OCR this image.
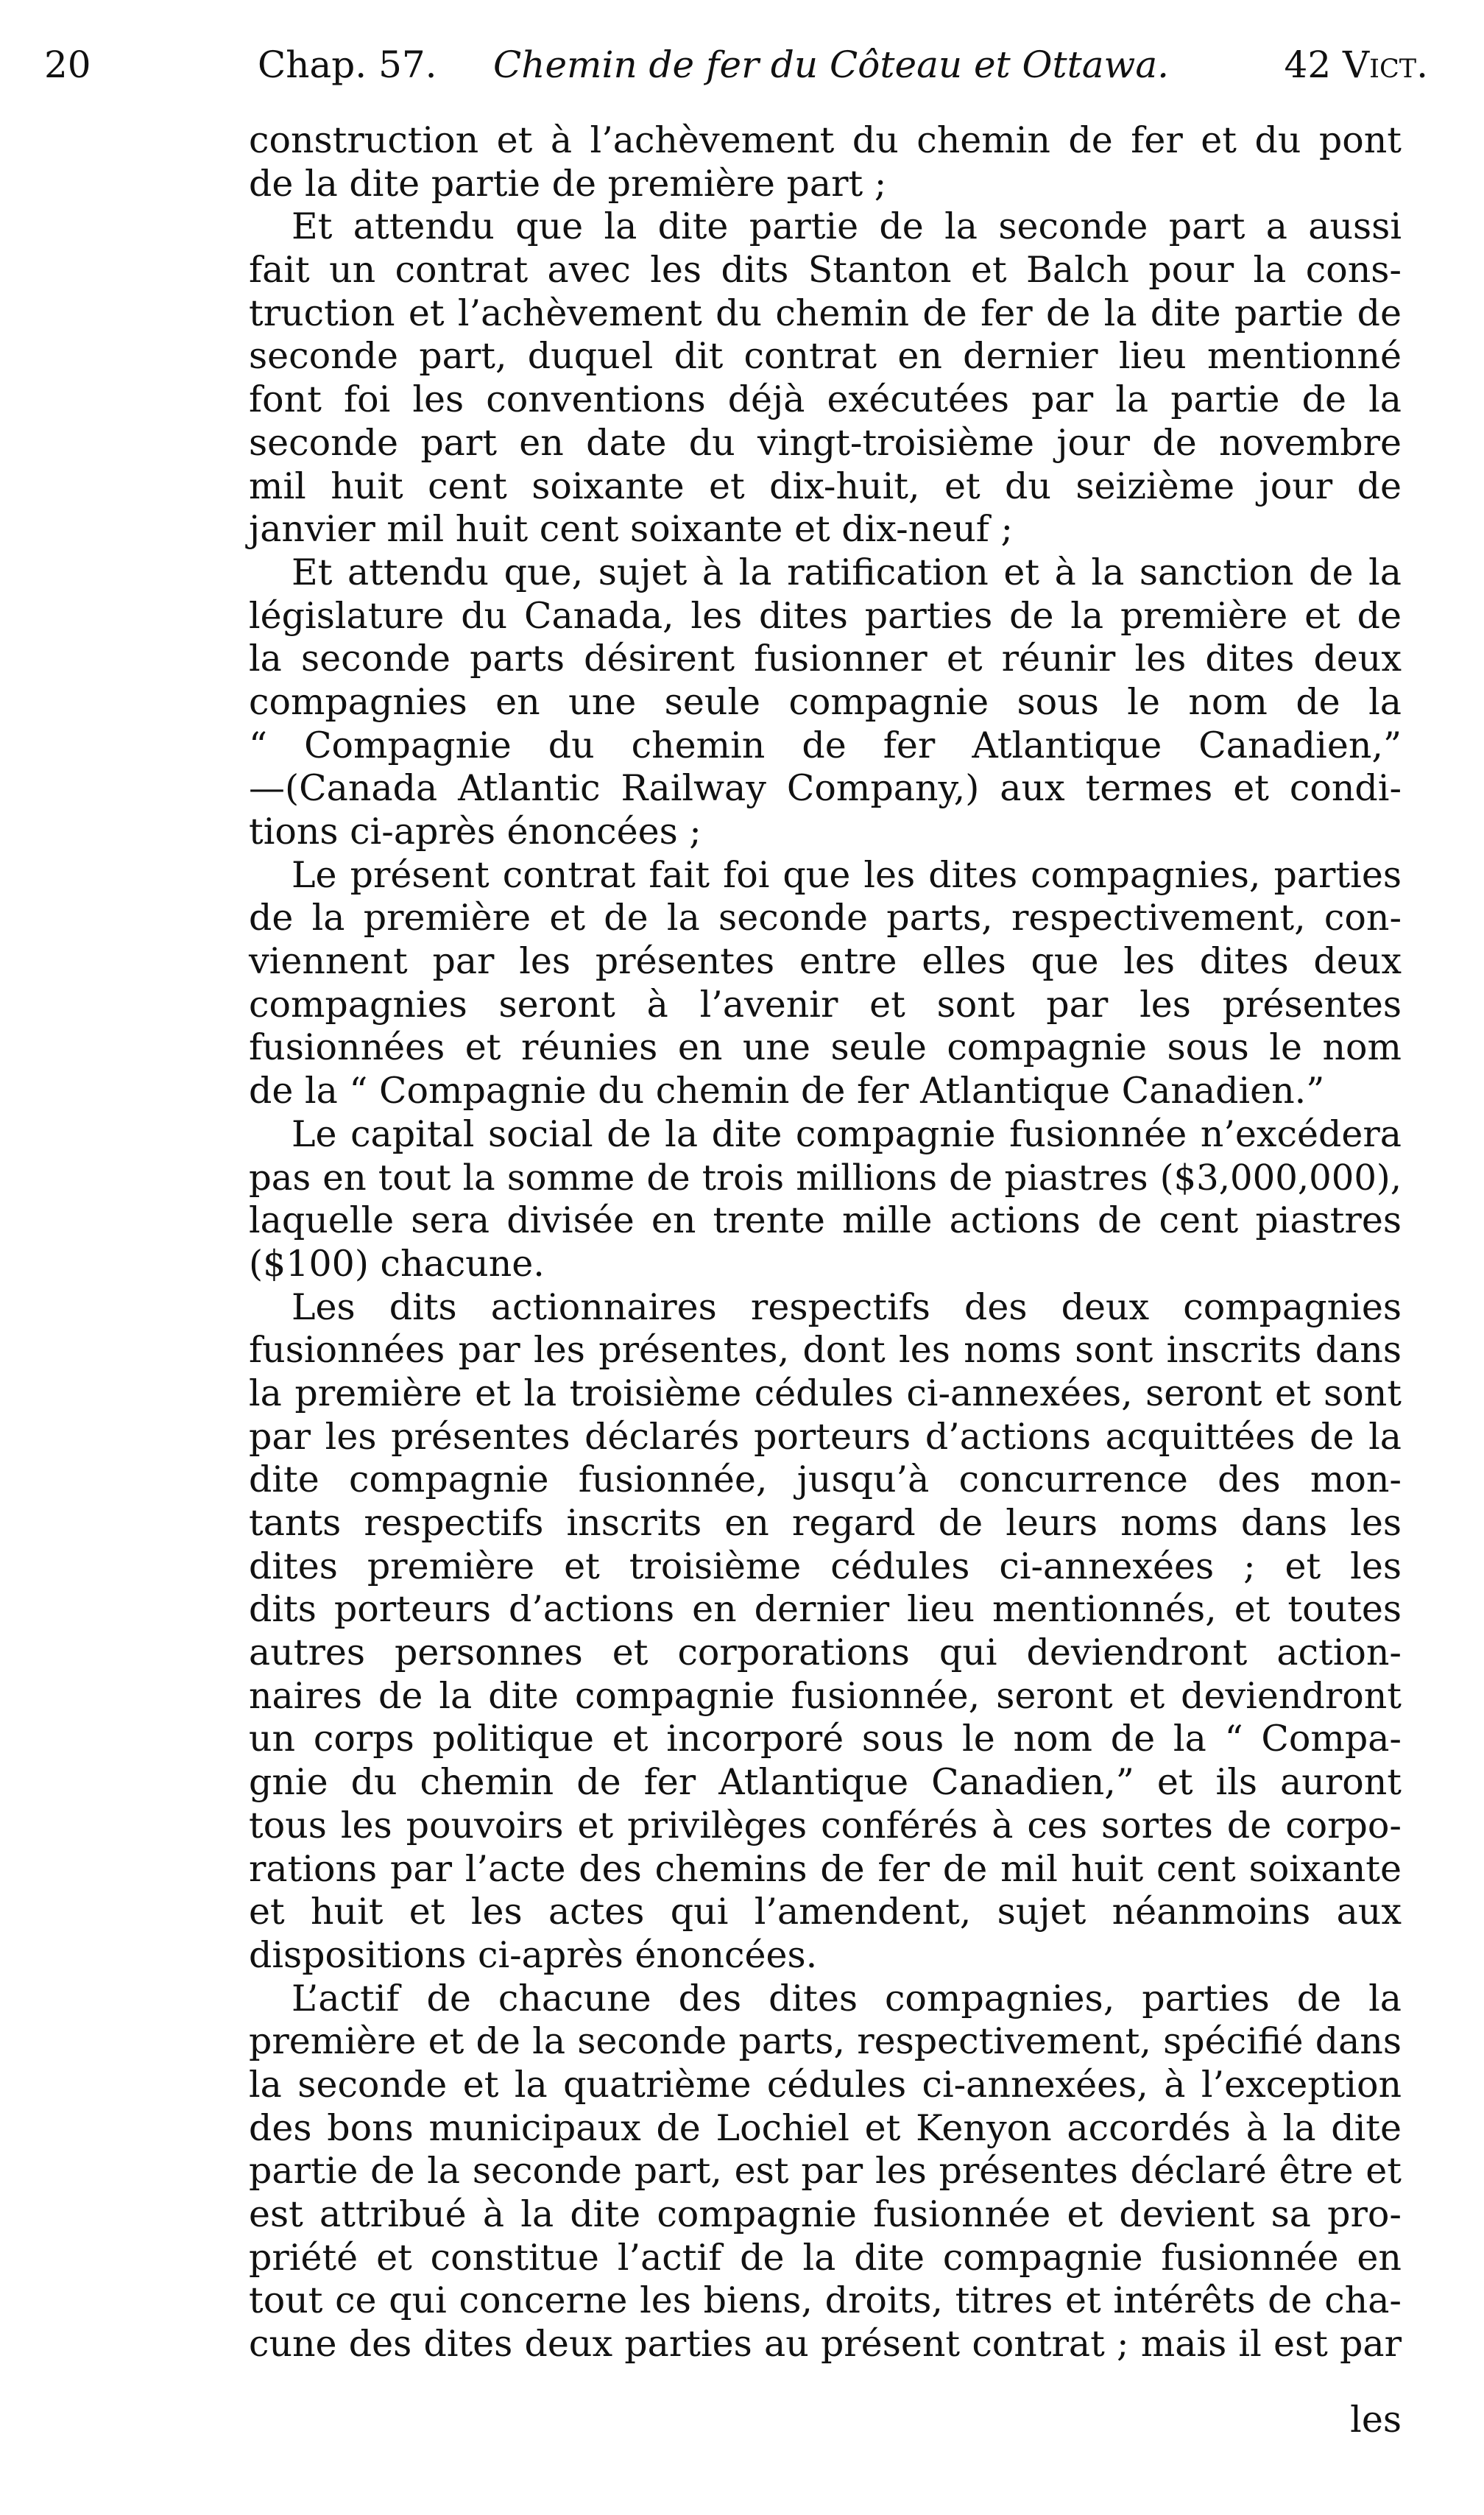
20	Chap. 57. Chemin de fer du Côteau et Ottawa.	42 Vict.
construction et à l’achèvement du chemin de fer et du pont
de la dite partie de première part ;
Et attendu que la dite partie de la seconde part a aussi
fait un contrat avec les dits Stanton et Balch pour la cons-
truction et l’achèvement du chemin de fer de la dite partie de
seconde part, duquel dit contrat en dernier lieu mentionné
font foi les conventions déjà exécutées par la partie de la
seconde part en date du vingt-troisième jour de novembre
mil huit cent soixante et dix-huit, et du seizième jour de
janvier mil huit cent soixante et dix-neuf ;
Et attendu que, sujet à la ratification et à la sanction de la
législature du Canada, les dites parties de la première et de
la seconde parts désirent fusionner et réunir les dites deux
compagnies en une seule compagnie sous le nom de la
“ Compagnie du chemin de fer Atlantique Canadien,”
—(Canada Atlantic Railway Company,) aux termes et condi-
tions ci-après énoncées ;
Le présent contrat fait foi que les dites compagnies, parties
de la première et de la seconde parts, respectivement, con-
viennent par les présentes entre elles que les dites deux
compagnies seront à l’avenir et sont par les présentes
fusionnées et réunies en une seule compagnie sous le nom
de la “ Compagnie du chemin de fer Atlantique Canadien.”
Le capital social de la dite compagnie fusionnée n’excédera
pas en tout la somme de trois millions de piastres ($3,000,000),
laquelle sera divisée en trente mille actions de cent piastres
($100) chacune.
Les dits actionnaires respectifs des deux compagnies
fusionnées par les présentes, dont les noms sont inscrits dans
la première et la troisième cédules ci-annexées, seront et sont
par les présentes déclarés porteurs d’actions acquittées de la
dite compagnie fusionnée, jusqu’à concurrence des mon-
tants respectifs inscrits en regard de leurs noms dans les
dites première et troisième cédules ci-annexées ; et les
dits porteurs d’actions en dernier lieu mentionnés, et toutes
autres personnes et corporations qui deviendront action-
naires de la dite compagnie fusionnée, seront et deviendront
un corps politique et incorporé sous le nom de la “ Compa-
gnie du chemin de fer Atlantique Canadien,” et ils auront
tous les pouvoirs et privilèges conférés à ces sortes de corpo-
rations par l’acte des chemins de fer de mil huit cent soixante
et huit et les actes qui l’amendent, sujet néanmoins aux
dispositions ci-après énoncées.
L’actif de chacune des dites compagnies, parties de la
première et de la seconde parts, respectivement, spécifié dans
la seconde et la quatrième cédules ci-annexées, à l’exception
des bons municipaux de Lochiel et Kenyon accordés à la dite
partie de la seconde part, est par les présentes déclaré être et
est attribué à la dite compagnie fusionnée et devient sa pro-
priété et constitue l’actif de la dite compagnie fusionnée en
tout ce qui concerne les biens, droits, titres et intérêts de cha-
cune des dites deux parties au présent contrat ; mais il est par
les
